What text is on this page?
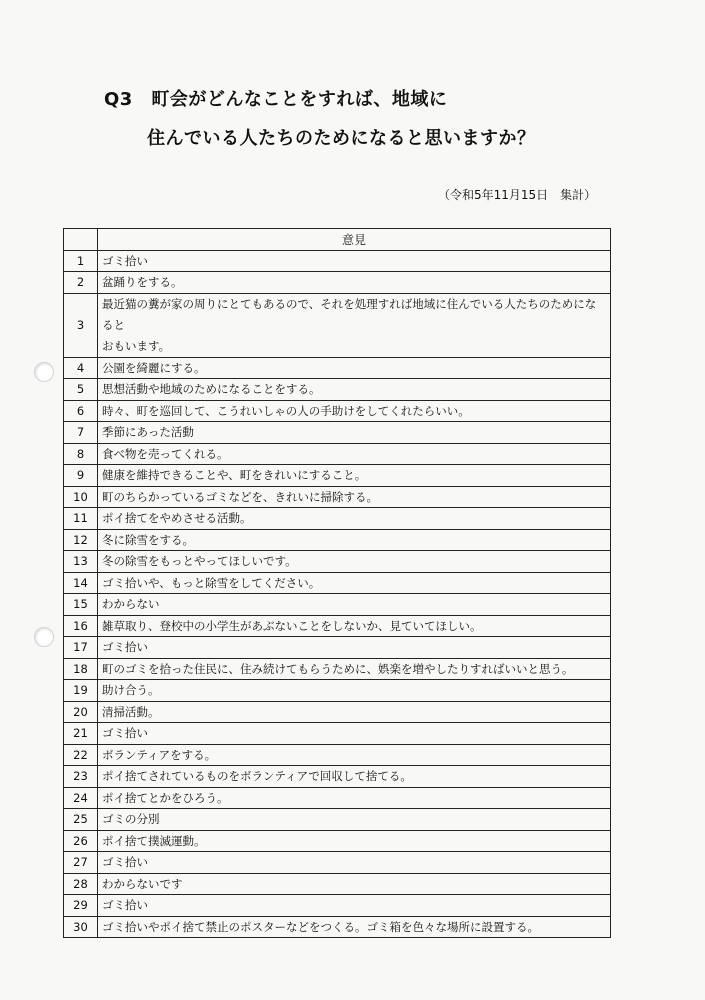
Q3　町会がどんなことをすれば、地域に
住んでいる人たちのためになると思いますか？
（令和5年11月15日　集計）
	意見
1	ゴミ拾い
2	盆踊りをする。
3	最近猫の糞が家の周りにとてもあるので、それを処理すれば地域に住んでいる人たちのためになると
おもいます。
4	公園を綺麗にする。
5	思想活動や地域のためになることをする。
6	時々、町を巡回して、こうれいしゃの人の手助けをしてくれたらいい。
7	季節にあった活動
8	食べ物を売ってくれる。
9	健康を維持できることや、町をきれいにすること。
10	町のちらかっているゴミなどを、きれいに掃除する。
11	ポイ捨てをやめさせる活動。
12	冬に除雪をする。
13	冬の除雪をもっとやってほしいです。
14	ゴミ拾いや、もっと除雪をしてください。
15	わからない
16	雑草取り、登校中の小学生があぶないことをしないか、見ていてほしい。
17	ゴミ拾い
18	町のゴミを拾った住民に、住み続けてもらうために、娯楽を増やしたりすればいいと思う。
19	助け合う。
20	清掃活動。
21	ゴミ拾い
22	ボランティアをする。
23	ポイ捨てされているものをボランティアで回収して捨てる。
24	ポイ捨てとかをひろう。
25	ゴミの分別
26	ポイ捨て撲滅運動。
27	ゴミ拾い
28	わからないです
29	ゴミ拾い
30	ゴミ拾いやポイ捨て禁止のポスターなどをつくる。ゴミ箱を色々な場所に設置する。
